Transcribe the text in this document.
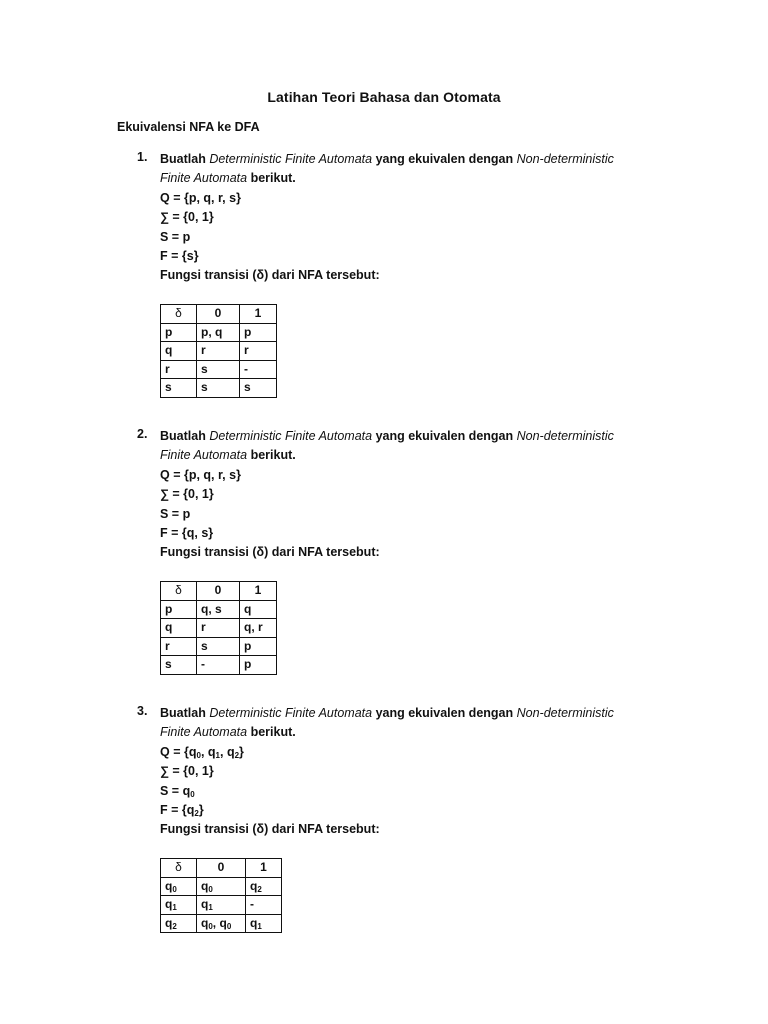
Latihan Teori Bahasa dan Otomata
Ekuivalensi NFA ke DFA
1. Buatlah Deterministic Finite Automata yang ekuivalen dengan Non-deterministic
Finite Automata berikut.
Q = {p, q, r, s}
∑ = {0, 1}
S = p
F = {s}
Fungsi transisi (δ) dari NFA tersebut:
δ	0	1
p	p, q	p
q	r	r
r	s	-
s	s	s
2. Buatlah Deterministic Finite Automata yang ekuivalen dengan Non-deterministic
Finite Automata berikut.
Q = {p, q, r, s}
∑ = {0, 1}
S = p
F = {q, s}
Fungsi transisi (δ) dari NFA tersebut:
δ	0	1
p	q, s	q
q	r	q, r
r	s	p
s	-	p
3. Buatlah Deterministic Finite Automata yang ekuivalen dengan Non-deterministic
Finite Automata berikut.
$Q = \{q_0$, $q_1$, $q_2$}
∑ = {0, 1}
$S = q_0$
$F = \{q_2\}$
Fungsi transisi (δ) dari NFA tersebut:
δ	0	1
$q_0$	$q_0$	$q_2$
$q_1$	$q_1$	-
$q_2$	$q_0$, $q_0$	$q_1$
